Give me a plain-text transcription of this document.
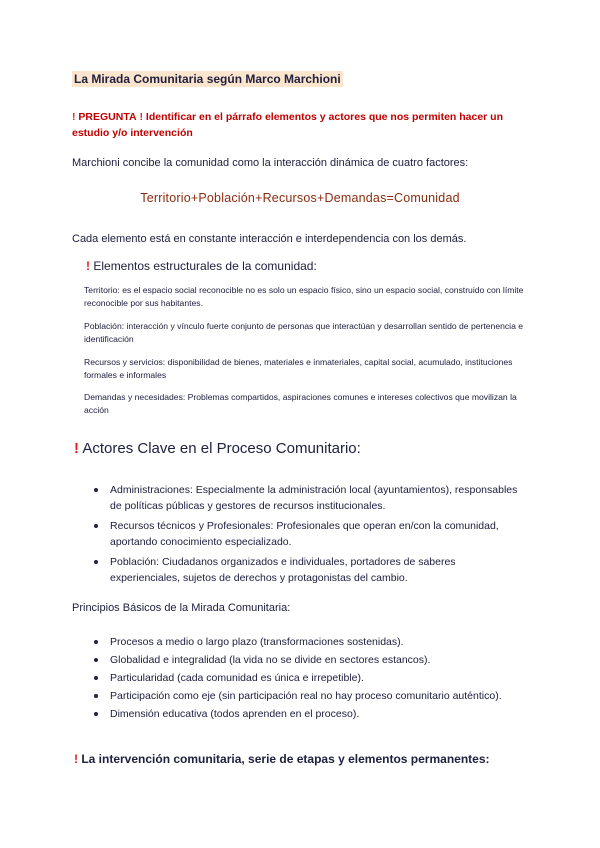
La Mirada Comunitaria según Marco Marchioni
! PREGUNTA ! Identificar en el párrafo elementos y actores que nos permiten hacer un estudio y/o intervención
Marchioni concibe la comunidad como la interacción dinámica de cuatro factores:
Territorio+Población+Recursos+Demandas=Comunidad
Cada elemento está en constante interacción e interdependencia con los demás.
! Elementos estructurales de la comunidad:
Territorio: es el espacio social reconocible no es solo un espacio físico, sino un espacio social, construido con límite reconocible por sus habitantes.
Población: interacción y vínculo fuerte conjunto de personas que interactúan y desarrollan sentido de pertenencia e identificación
Recursos y servicios: disponibilidad de bienes, materiales e inmateriales, capital social, acumulado, instituciones formales e informales
Demandas y necesidades: Problemas compartidos, aspiraciones comunes e intereses colectivos que movilizan la acción
! Actores Clave en el Proceso Comunitario:
Administraciones: Especialmente la administración local (ayuntamientos), responsables de políticas públicas y gestores de recursos institucionales.
Recursos técnicos y Profesionales: Profesionales que operan en/con la comunidad, aportando conocimiento especializado.
Población: Ciudadanos organizados e individuales, portadores de saberes experienciales, sujetos de derechos y protagonistas del cambio.
Principios Básicos de la Mirada Comunitaria:
Procesos a medio o largo plazo (transformaciones sostenidas).
Globalidad e integralidad (la vida no se divide en sectores estancos).
Particularidad (cada comunidad es única e irrepetible).
Participación como eje (sin participación real no hay proceso comunitario auténtico).
Dimensión educativa (todos aprenden en el proceso).
! La intervención comunitaria, serie de etapas y elementos permanentes:
